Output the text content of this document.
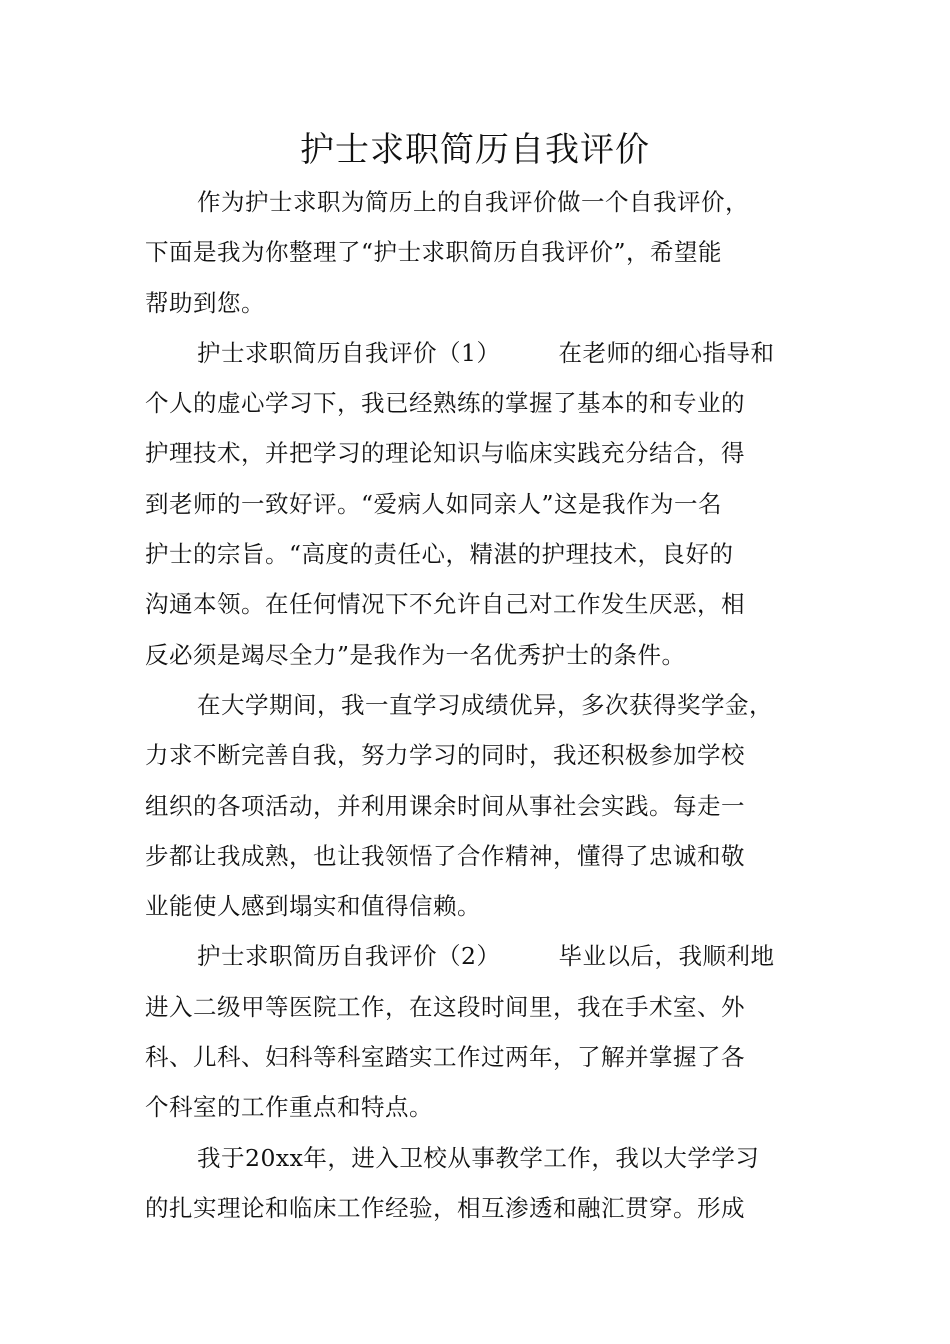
护士求职简历自我评价
作为护士求职为简历上的自我评价做一个自我评价，
下面是我为你整理了“护士求职简历自我评价”，希望能
帮助到您。
护士求职简历自我评价（1） 在老师的细心指导和
个人的虚心学习下，我已经熟练的掌握了基本的和专业的
护理技术，并把学习的理论知识与临床实践充分结合，得
到老师的一致好评。“爱病人如同亲人”这是我作为一名
护士的宗旨。“高度的责任心，精湛的护理技术，良好的
沟通本领。在任何情况下不允许自己对工作发生厌恶，相
反必须是竭尽全力”是我作为一名优秀护士的条件。
在大学期间，我一直学习成绩优异，多次获得奖学金，
力求不断完善自我，努力学习的同时，我还积极参加学校
组织的各项活动，并利用课余时间从事社会实践。每走一
步都让我成熟，也让我领悟了合作精神，懂得了忠诚和敬
业能使人感到塌实和值得信赖。
护士求职简历自我评价（2） 毕业以后，我顺利地
进入二级甲等医院工作，在这段时间里，我在手术室、外
科、儿科、妇科等科室踏实工作过两年，了解并掌握了各
个科室的工作重点和特点。
我于20xx年，进入卫校从事教学工作，我以大学学习
的扎实理论和临床工作经验，相互渗透和融汇贯穿。形成
